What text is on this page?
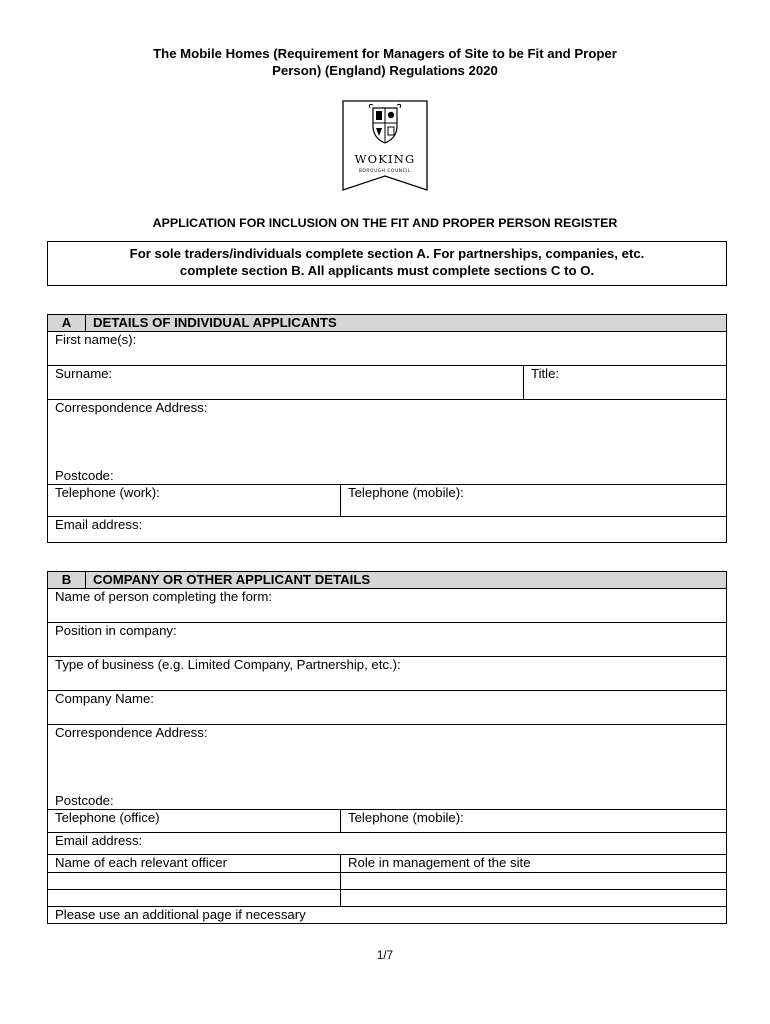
The Mobile Homes (Requirement for Managers of Site to be Fit and Proper
Person) (England) Regulations 2020
WOKING
BOROUGH COUNCIL
APPLICATION FOR INCLUSION ON THE FIT AND PROPER PERSON REGISTER
For sole traders/individuals complete section A. For partnerships, companies, etc.
complete section B. All applicants must complete sections C to O.
A	DETAILS OF INDIVIDUAL APPLICANTS		
First name(s):			
Surname:			Title:
Correspondence Address:
Postcode:			

Telephone (work):		Telephone (mobile):	
Email address:			
B	COMPANY OR OTHER APPLICANT DETAILS	
Name of person completing the form:		
Position in company:		
Type of business (e.g. Limited Company, Partnership, etc.):		
Company Name:		
Correspondence Address:
Postcode:		

Telephone (office)		Telephone (mobile):
Email address:		
Name of each relevant officer		Role in management of the site

Please use an additional page if necessary		
1/7
